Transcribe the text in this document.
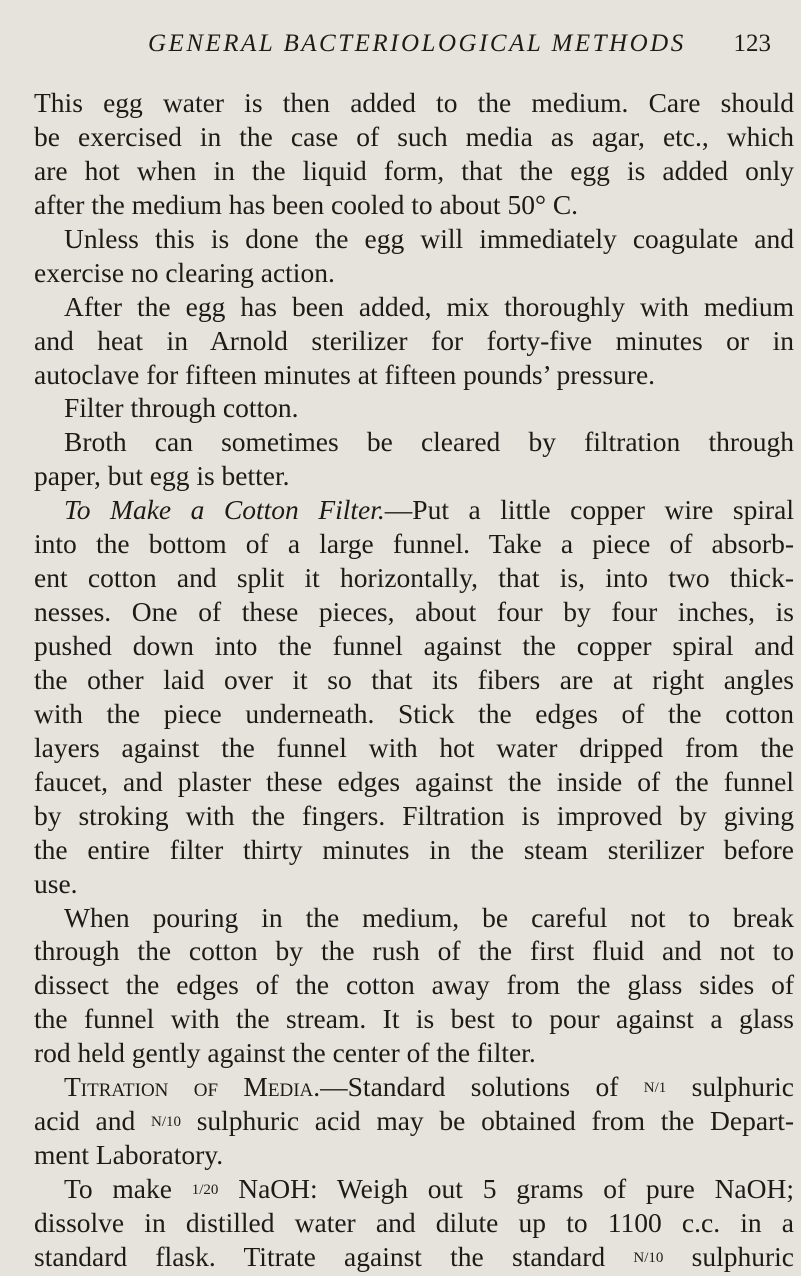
GENERAL BACTERIOLOGICAL METHODS 123
This egg water is then added to the medium. Care should
be exercised in the case of such media as agar, etc., which
are hot when in the liquid form, that the egg is added only
after the medium has been cooled to about 50° C.
Unless this is done the egg will immediately coagulate and
exercise no clearing action.
After the egg has been added, mix thoroughly with medium
and heat in Arnold sterilizer for forty-five minutes or in
autoclave for fifteen minutes at fifteen pounds’ pressure.
Filter through cotton.
Broth can sometimes be cleared by filtration through
paper, but egg is better.
To Make a Cotton Filter.—Put a little copper wire spiral
into the bottom of a large funnel. Take a piece of absorb-
ent cotton and split it horizontally, that is, into two thick-
nesses. One of these pieces, about four by four inches, is
pushed down into the funnel against the copper spiral and
the other laid over it so that its fibers are at right angles
with the piece underneath. Stick the edges of the cotton
layers against the funnel with hot water dripped from the
faucet, and plaster these edges against the inside of the funnel
by stroking with the fingers. Filtration is improved by giving
the entire filter thirty minutes in the steam sterilizer before
use.
When pouring in the medium, be careful not to break
through the cotton by the rush of the first fluid and not to
dissect the edges of the cotton away from the glass sides of
the funnel with the stream. It is best to pour against a glass
rod held gently against the center of the filter.
Titration of Media.—Standard solutions of N/1 sulphuric
acid and N/10 sulphuric acid may be obtained from the Depart-
ment Laboratory.
To make 1/20 NaOH: Weigh out 5 grams of pure NaOH;
dissolve in distilled water and dilute up to 1100 c.c. in a
standard flask. Titrate against the standard N/10 sulphuric
